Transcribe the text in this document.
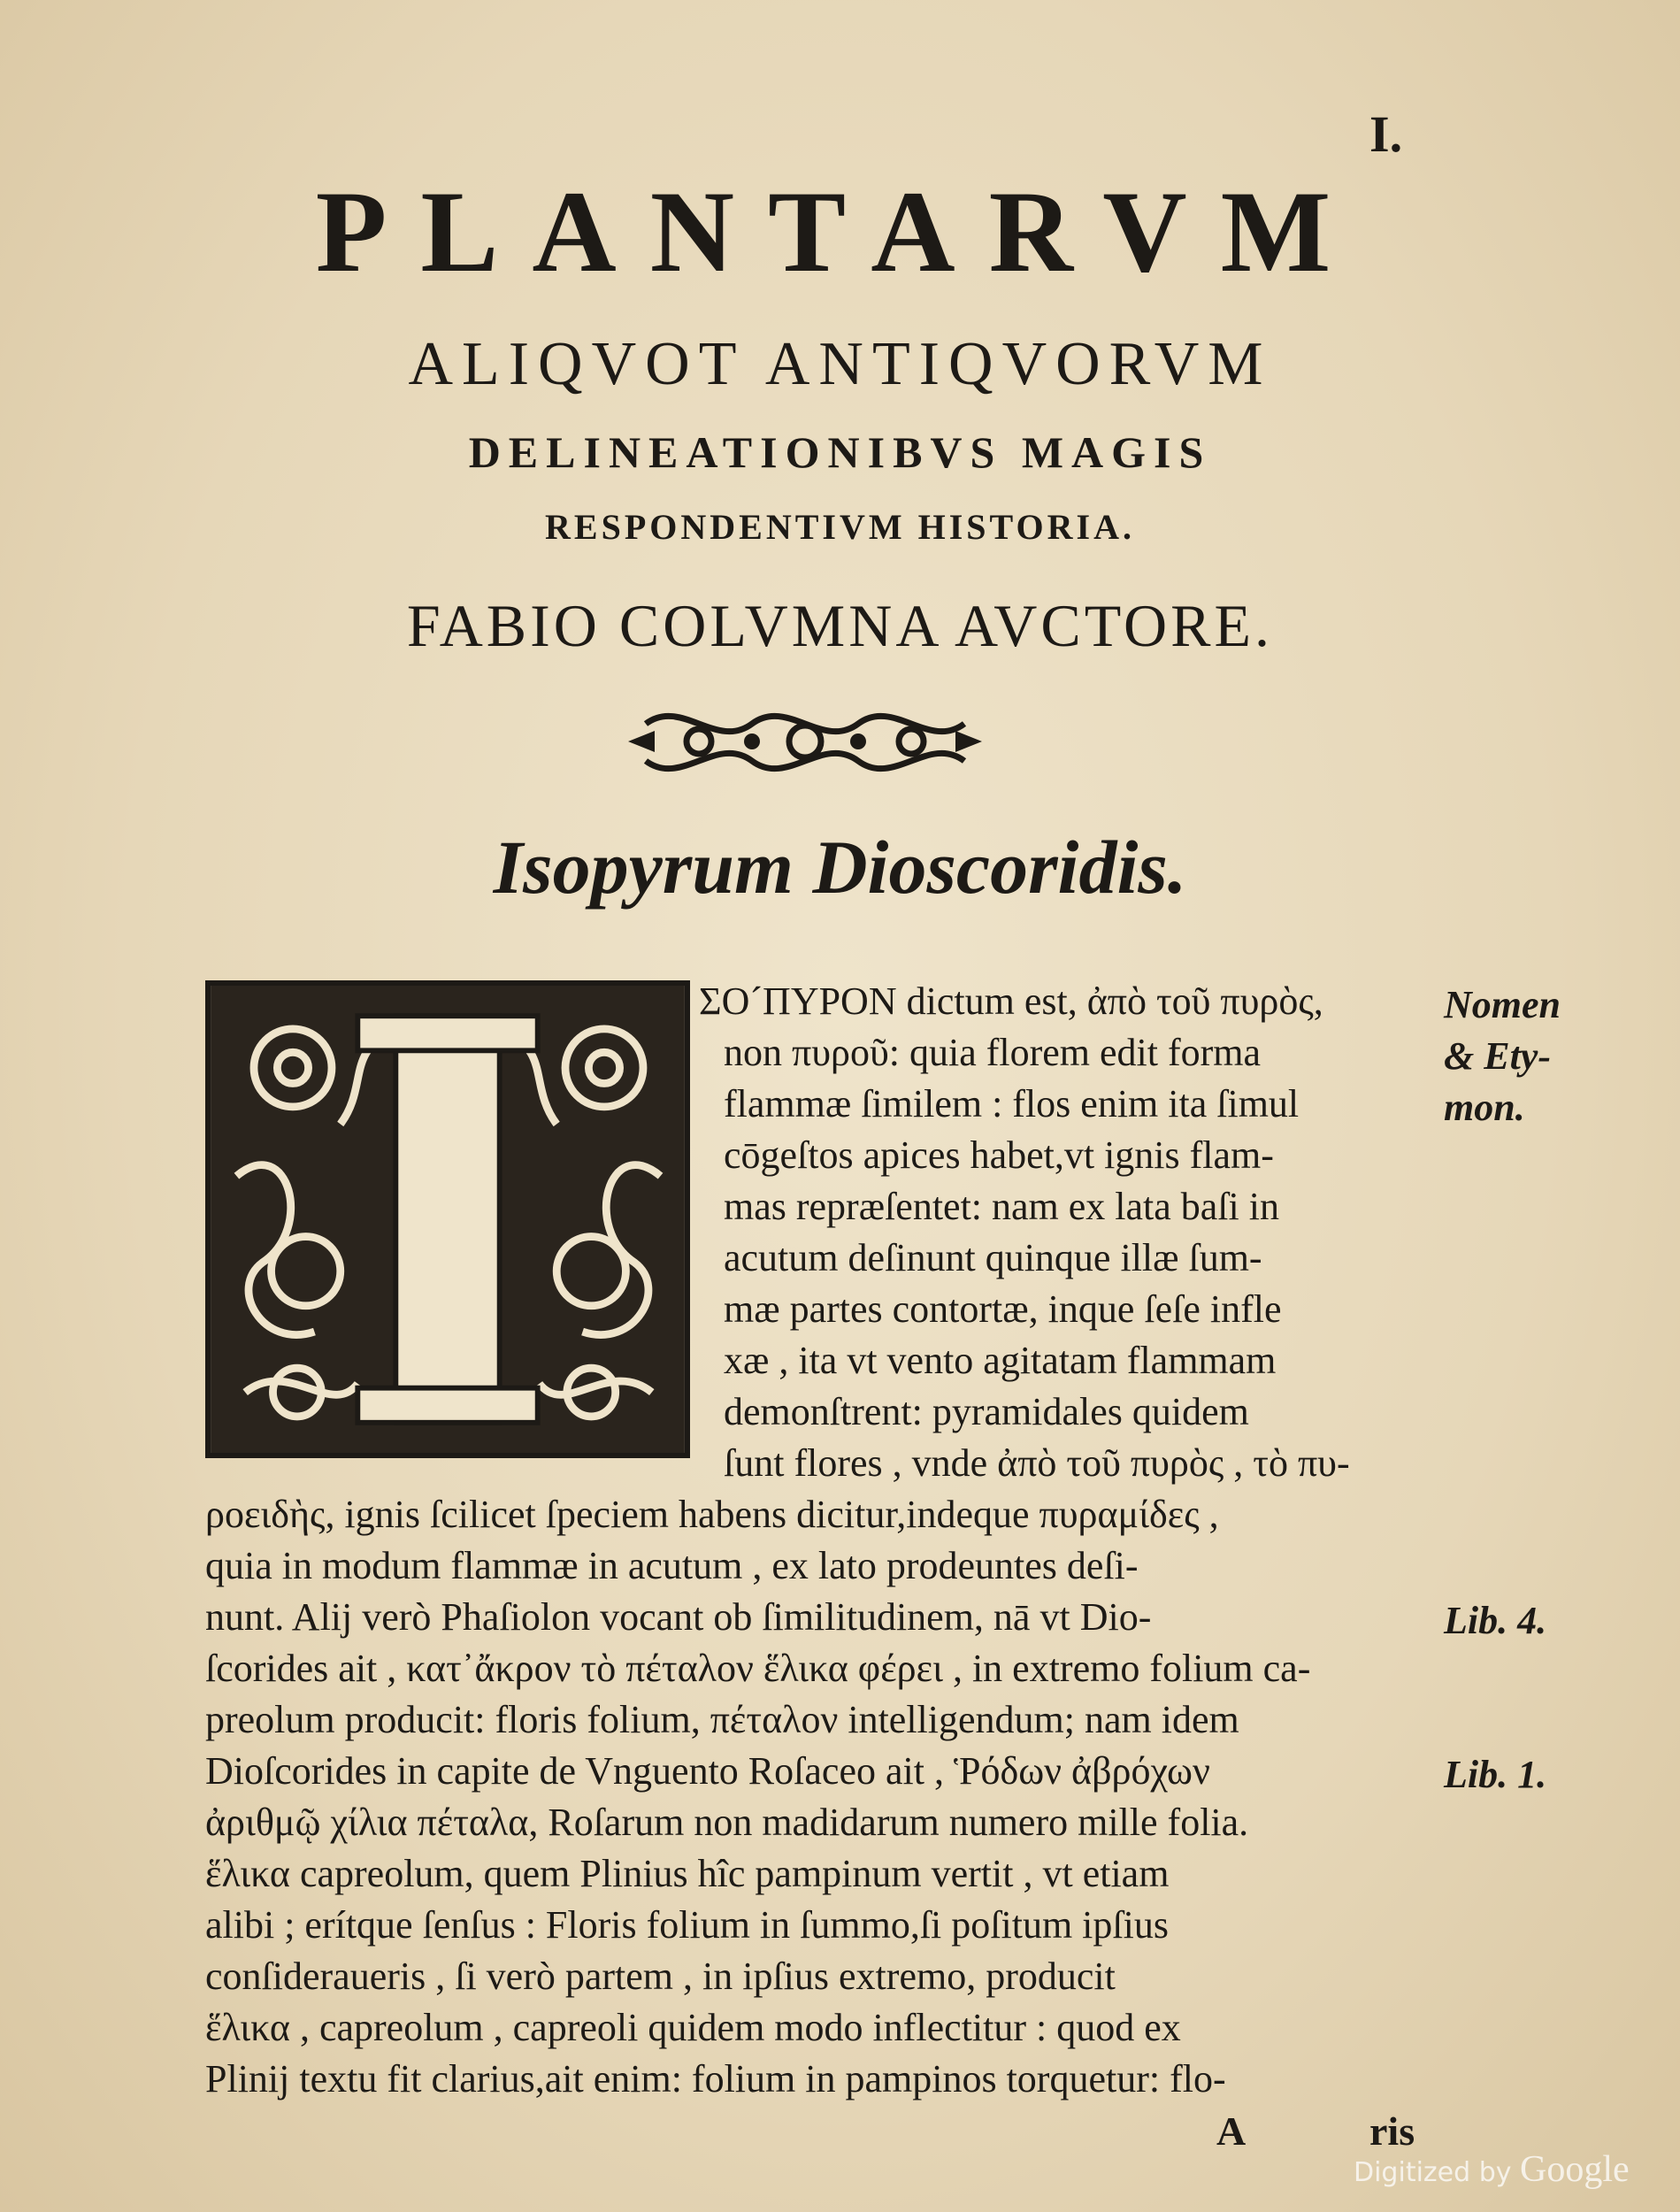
I.
PLANTARVM
ALIQVOT ANTIQVORVM
DELINEATIONIBVS MAGIS
RESPONDENTIVM HISTORIA.
FABIO COLVMNA AVCTORE.
Isopyrum Dioscoridis.
ΣΟ´ΠΥΡΟΝ dictum est, ἀπὸ τοῦ πυρὸς,
non πυροῦ: quia florem edit forma
flammæ ſimilem : flos enim ita ſimul
cōgeſtos apices habet,vt ignis flam-
mas repræſentet: nam ex lata baſi in
acutum deſinunt quinque illæ ſum-
mæ partes contortæ, inque ſeſe infle
xæ , ita vt vento agitatam flammam
demonſtrent: pyramidales quidem
ſunt flores , vnde ἀπὸ τοῦ πυρὸς , τὸ πυ-
ροειδὴς, ignis ſcilicet ſpeciem habens dicitur,indeque πυραμίδες ,
quia in modum flammæ in acutum , ex lato prodeuntes deſi-
nunt. Alij verò Phaſiolon vocant ob ſimilitudinem, nā vt Dio-
ſcorides ait , κατ᾽ἄκρον τὸ πέταλον ἕλικα φέρει , in extremo folium ca-
preolum producit: floris folium, πέταλον intelligendum; nam idem
Dioſcorides in capite de Vnguento Roſaceo ait , Ῥόδων ἀβρόχων
ἀριθμῷ χίλια πέταλα, Roſarum non madidarum numero mille folia.
ἕλικα capreolum, quem Plinius hîc pampinum vertit , vt etiam
alibi ; erítque ſenſus : Floris folium in ſummo,ſi poſitum ipſius
conſideraueris , ſi verò partem , in ipſius extremo, producit
ἕλικα , capreolum , capreoli quidem modo inflectitur : quod ex
Plinij textu fit clarius,ait enim: folium in pampinos torquetur: flo-
Nomen
& Ety-
mon.
Lib. 4.
Lib. 1.
A	ris
Digitized by Google
